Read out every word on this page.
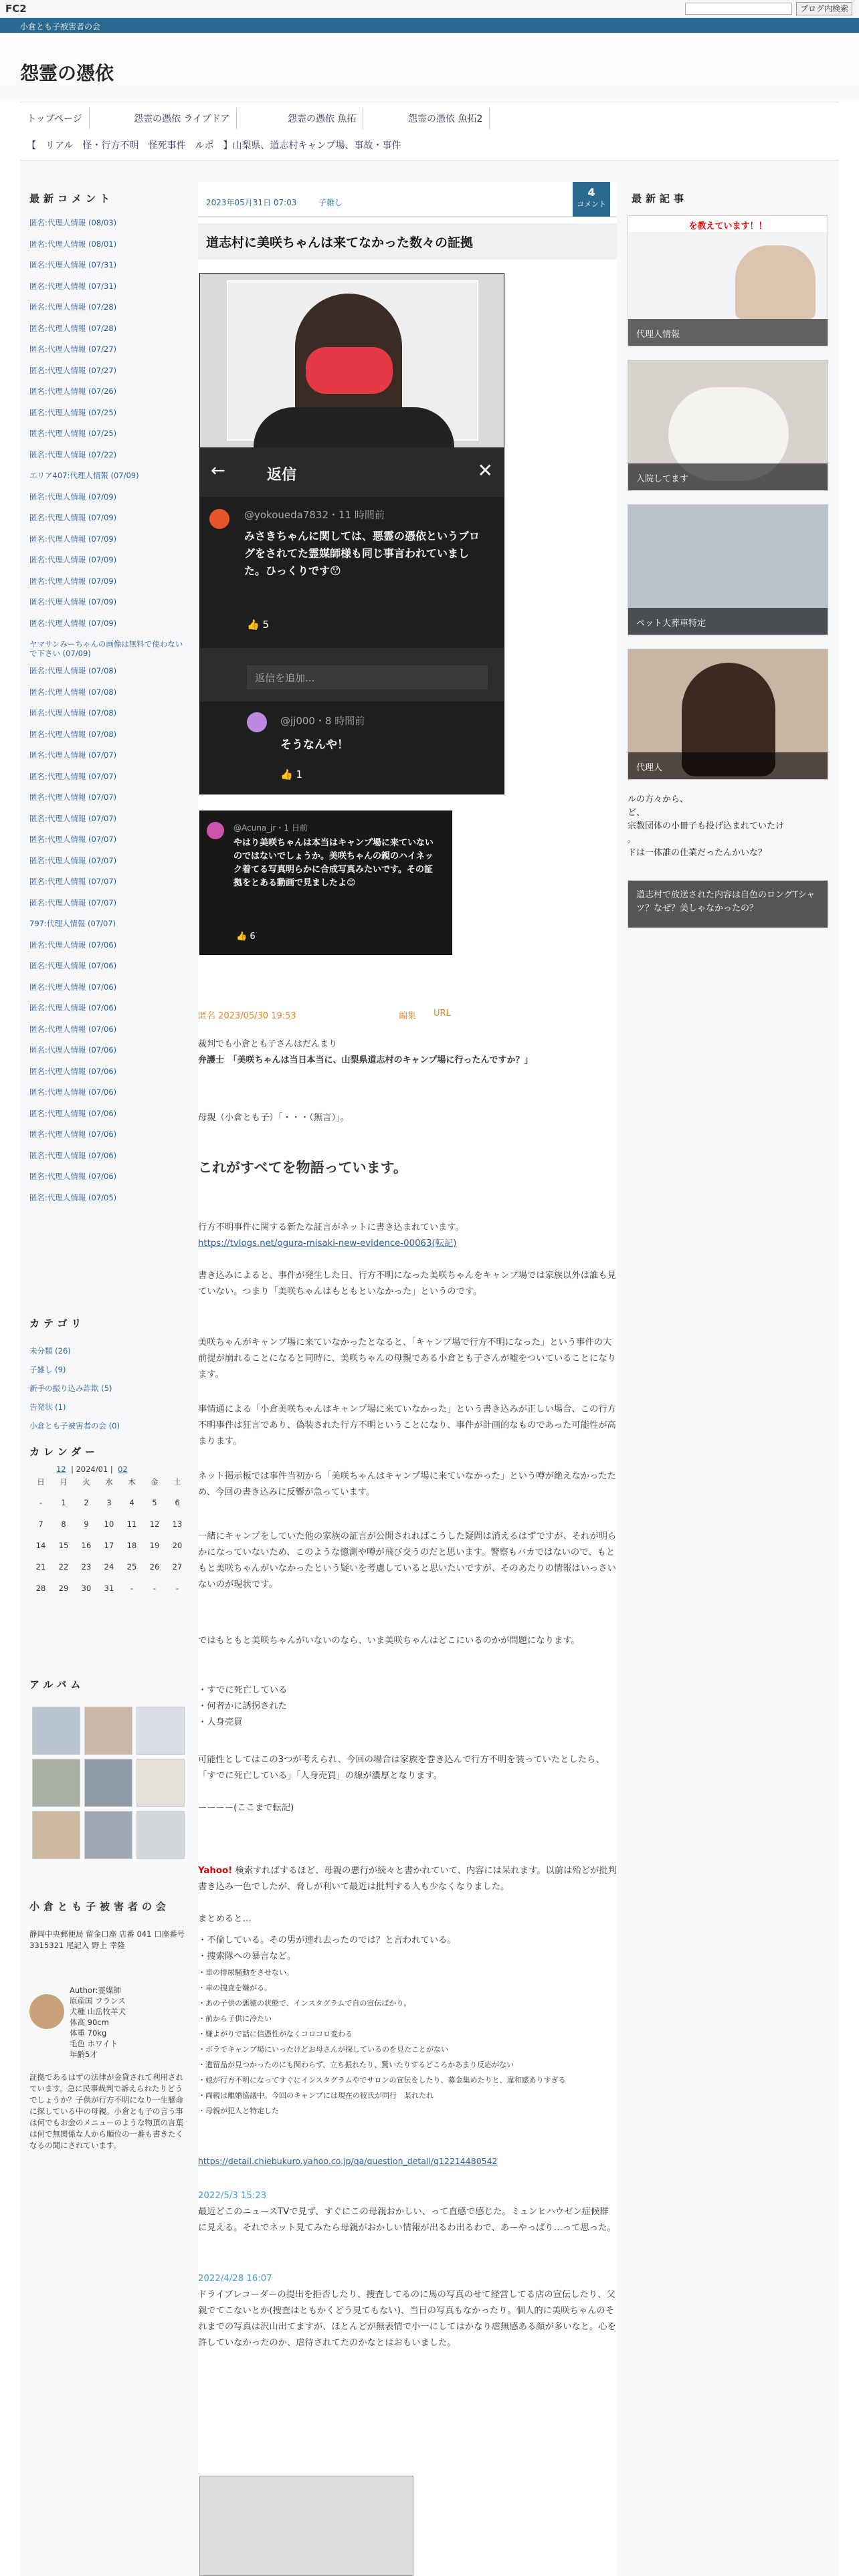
FC2	ブログ内検索
小倉とも子被害者の会
怨霊の憑依
トップページ	怨霊の憑依 ライブドア	怨霊の憑依 魚拓	怨霊の憑依 魚拓2
【　リアル　怪・行方不明　怪死事件　ルポ　】山梨県、道志村キャンプ場、事故・事件
最新コメント
カテゴリ
未分類 (26)
子雑し (9)
新手の振り込み詐欺 (5)
告発状 (1)
小倉とも子被害者の会 (0)
カレンダー
12  | 2024/01 |  02
日	月	火	水	木	金	土
-	1	2	3	4	5	6
7	8	9	10	11	12	13
14	15	16	17	18	19	20
21	22	23	24	25	26	27
28	29	30	31	-	-	-
アルバム
小倉とも子被害者の会
静岡中央郵便局 留金口座 店番 041 口座番号 3315321 尾記入 野上 幸隆
証拠であるはずの法律が金貸されて利用されています。急に民事裁判で訴えられたりどうでしょうか？子供が行方不明になり一生懸命に探している中の母親。小倉とも子の言う事は何でもお金のメニューのような物頂の言葉は何で無関係な人から順位の一番も書きたくなるの聞にされています。
2023年05月31日 07:03	子雑し
4
コメント
道志村に美咲ちゃんは来てなかった数々の証拠
←	返信	✕
@yokoueda7832・11 時間前
みさきちゃんに関しては、悪霊の憑依というブログをされてた霊媒師様も同じ事言われていました。ひっくりです😯
👍 5
返信を追加...
@jj000・8 時間前
そうなんや！
👍 1
@Acuna_jr・1 日前
やはり美咲ちゃんは本当はキャンプ場に来ていないのではないでしょうか。美咲ちゃんの親のハイネック着てる写真明らかに合成写真みたいです。その証拠をとある動画で見ましたよ😊
👍 6
匿名 2023/05/30 19:53	編集 URL
裁判でも小倉とも子さんはだんまり
弁護士　「美咲ちゃんは当日本当に、山梨県道志村のキャンプ場に行ったんですか？」
母親（小倉とも子）「・・・（無言）」。
これがすべてを物語っています。
行方不明事件に関する新たな証言がネットに書き込まれています。
https://tvlogs.net/ogura-misaki-new-evidence-00063(転記)
書き込みによると、事件が発生した日、行方不明になった美咲ちゃんをキャンプ場では家族以外は誰も見ていない。つまり「美咲ちゃんはもともといなかった」というのです。
美咲ちゃんがキャンプ場に来ていなかったとなると、「キャンプ場で行方不明になった」という事件の大前提が崩れることになると同時に、美咲ちゃんの母親である小倉とも子さんが嘘をついていることになります。
事情通による「小倉美咲ちゃんはキャンプ場に来ていなかった」という書き込みが正しい場合、この行方不明事件は狂言であり、偽装された行方不明ということになり、事件が計画的なものであった可能性が高まります。
ネット掲示板では事件当初から「美咲ちゃんはキャンプ場に来ていなかった」という噂が絶えなかったため、今回の書き込みに反響が急っています。
一緒にキャンプをしていた他の家族の証言が公開されればこうした疑問は消えるはずですが、それが明らかになっていないため、このような憶測や噂が飛び交うのだと思います。警察もバカではないので、もともと美咲ちゃんがいなかったという疑いを考慮していると思いたいですが、そのあたりの情報はいっさいないのが現状です。
ではもともと美咲ちゃんがいないのなら、いま美咲ちゃんはどこにいるのかが問題になります。
・すでに死亡している
・何者かに誘拐された
・人身売買
可能性としてはこの3つが考えられ、今回の場合は家族を巻き込んで行方不明を装っていたとしたら、「すでに死亡している」「人身売買」の線が濃厚となります。
ーーーー(ここまで転記)
Yahoo! 検索すればするほど、母親の悪行が続々と書かれていて、内容には呆れます。以前は殆どが批判書き込み一色でしたが、脅しが利いて最近は批判する人も少なくなりました。
まとめると…
https://detail.chiebukuro.yahoo.co.jp/qa/question_detail/q12214480542
2022/5/3 15:23
最近どこのニュースTVで見ず、すぐにこの母親おかしい、って直感で感じた。ミュンヒハウゼン症候群に見える。それでネット見てみたら母親がおかしい情報が出るわ出るわで、あーやっぱり…って思った。
2022/4/28 16:07
ドライブレコーダーの提出を拒否したり、捜査してるのに馬の写真のせて経営してる店の宣伝したり、父親でてこないとか(捜査はともかくどう見てもない)、当日の写真もなかったり。個人的に美咲ちゃんのそれまでの写真は沢山出てますが、ほとんどが無表情で小一にしてはかなり虐無感ある顔が多いなと。心を許していなかったのか、虐待されてたのかなとはおもいました。
・不倫している。その男が連れ去ったのでは？と言われている。
・捜索隊への暴言など。
・車の排尿騒動をさせない。
・車の捜査を嫌がる。
・あの子供の悪徳の状態で、インスタグラムで自の宣伝ばかり。
・前から子供に冷たい
・嫌よがりで話に信憑性がなくコロコロ変わる
・ボラでキャンプ場にいったけどお母さんが探しているのを見たことがない
・遺留品が見つかったのにも関わらず、立ち振れたり、驚いたりするどころかあまり反応がない
・娘が行方不明になってすぐにインスタグラムやでサロンの宣伝をしたり、募金集めたりと、違和感ありすぎる
・両親は離婚協議中。今回のキャンプには現在の彼氏が同行　某れたれ
・母親が犯人と特定した
最新記事
を教えています！！
代理人情報
入院してます
ペット大葬車特定
代理人
ルの方々から、
ど、
宗教団体の小冊子も投げ込まれていたけ
。
ドは一体誰の仕業だったんかいな？
道志村で放送された内容は自色のロングTシャツ？なぜ？美しゃなかったの？
匿名:代理人情報 (08/03)
匿名:代理人情報 (08/01)
匿名:代理人情報 (07/31)
匿名:代理人情報 (07/31)
匿名:代理人情報 (07/28)
匿名:代理人情報 (07/28)
匿名:代理人情報 (07/27)
匿名:代理人情報 (07/27)
匿名:代理人情報 (07/26)
匿名:代理人情報 (07/25)
匿名:代理人情報 (07/25)
匿名:代理人情報 (07/22)
エリア407:代理人情報 (07/09)
匿名:代理人情報 (07/09)
匿名:代理人情報 (07/09)
匿名:代理人情報 (07/09)
匿名:代理人情報 (07/09)
匿名:代理人情報 (07/09)
匿名:代理人情報 (07/09)
匿名:代理人情報 (07/09)
ヤマサンみーちゃんの画像は無料で使わないで下さい (07/09)
匿名:代理人情報 (07/08)
匿名:代理人情報 (07/08)
匿名:代理人情報 (07/08)
匿名:代理人情報 (07/08)
匿名:代理人情報 (07/07)
匿名:代理人情報 (07/07)
匿名:代理人情報 (07/07)
匿名:代理人情報 (07/07)
匿名:代理人情報 (07/07)
匿名:代理人情報 (07/07)
匿名:代理人情報 (07/07)
匿名:代理人情報 (07/07)
797:代理人情報 (07/07)
匿名:代理人情報 (07/06)
匿名:代理人情報 (07/06)
匿名:代理人情報 (07/06)
匿名:代理人情報 (07/06)
匿名:代理人情報 (07/06)
匿名:代理人情報 (07/06)
匿名:代理人情報 (07/06)
匿名:代理人情報 (07/06)
匿名:代理人情報 (07/06)
匿名:代理人情報 (07/06)
匿名:代理人情報 (07/06)
匿名:代理人情報 (07/06)
匿名:代理人情報 (07/05)
Author:霊媒師
原産国 フランス
犬種 山岳牧羊犬
体高 90cm
体重 70kg
毛色 ホワイト
年齢5才
